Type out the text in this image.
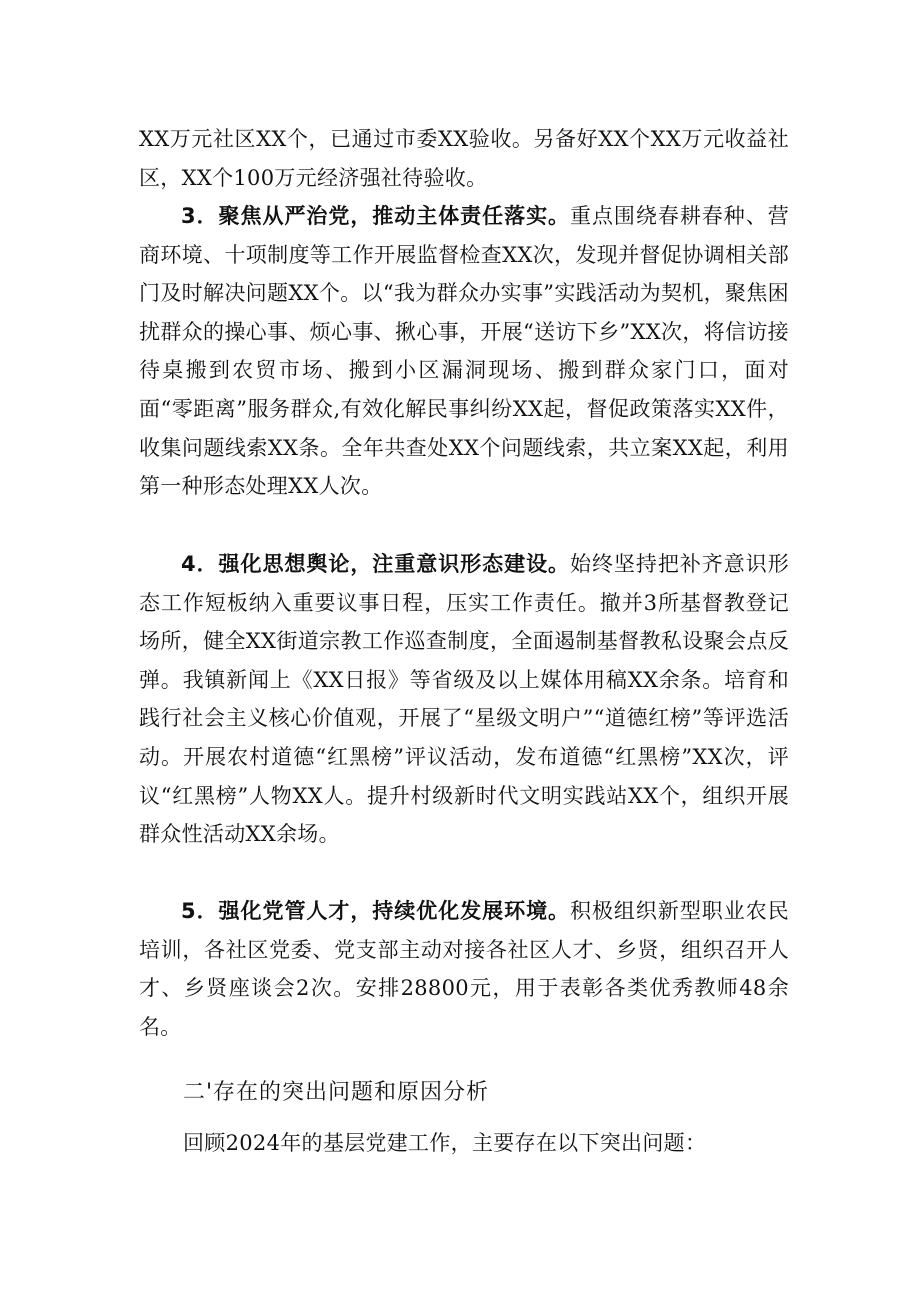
XX万元社区XX个，已通过市委XX验收。另备好XX个XX万元收益社区，XX个100万元经济强社待验收。

3．聚焦从严治党，推动主体责任落实。重点围绕春耕春种、营商环境、十项制度等工作开展监督检查XX次，发现并督促协调相关部门及时解决问题XX个。以“我为群众办实事”实践活动为契机，聚焦困扰群众的操心事、烦心事、揪心事，开展“送访下乡”XX次，将信访接待桌搬到农贸市场、搬到小区漏洞现场、搬到群众家门口，面对面“零距离”服务群众,有效化解民事纠纷XX起，督促政策落实XX件，收集问题线索XX条。全年共查处XX个问题线索，共立案XX起，利用第一种形态处理XX人次。

4．强化思想舆论，注重意识形态建设。始终坚持把补齐意识形态工作短板纳入重要议事日程，压实工作责任。撤并3所基督教登记场所，健全XX街道宗教工作巡查制度，全面遏制基督教私设聚会点反弹。我镇新闻上《XX日报》等省级及以上媒体用稿XX余条。培育和践行社会主义核心价值观，开展了“星级文明户”“道德红榜”等评选活动。开展农村道德“红黑榜”评议活动，发布道德“红黑榜”XX次，评议“红黑榜”人物XX人。提升村级新时代文明实践站XX个，组织开展群众性活动XX余场。

5．强化党管人才，持续优化发展环境。积极组织新型职业农民培训，各社区党委、党支部主动对接各社区人才、乡贤，组织召开人才、乡贤座谈会2次。安排28800元，用于表彰各类优秀教师48余名。

二'存在的突出问题和原因分析

回顾2024年的基层党建工作，主要存在以下突出问题：
